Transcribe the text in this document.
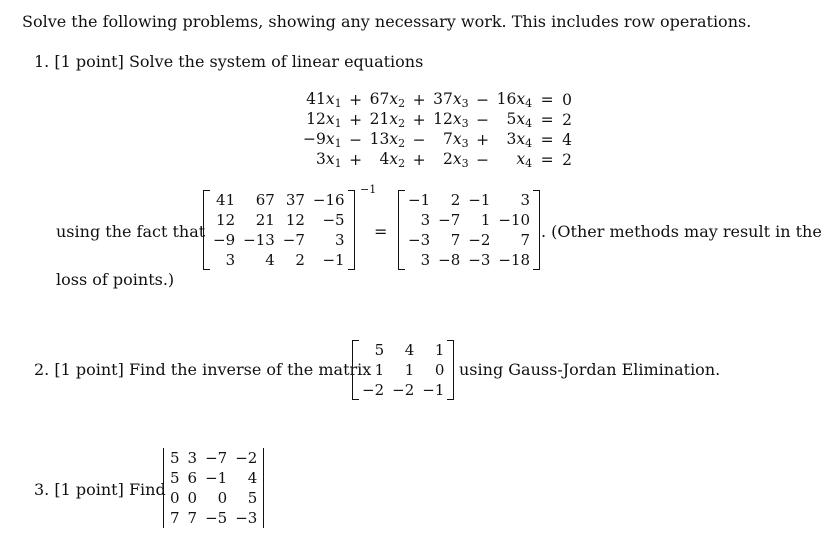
Solve the following problems, showing any necessary work. This includes row operations.
1. [1 point] Solve the system of linear equations
$41x_1$	+	$67x_2$	+	$37x_3$	−	$16x_4$	=	0
$12x_1$	+	$21x_2$	+	$12x_3$	−	$5x_4$	=	2
$-9x_1$	−	$13x_2$	−	$7x_3$	+	$3x_4$	=	4
$3x_1$	+	$4x_2$	+	$2x_3$	−	$x_4$	=	2
using the fact that
41	67	37	−16
12	21	12	−5
−9	−13	−7	3
3	4	2	−1
−1
=
−1	2	−1	3
3	−7	1	−10
−3	7	−2	7
3	−8	−3	−18
. (Other methods may result in the
loss of points.)
2. [1 point] Find the inverse of the matrix
5	4	1
1	1	0
−2	−2	−1
using Gauss-Jordan Elimination.
3. [1 point] Find
5	3	−7	−2
5	6	−1	4
0	0	0	5
7	7	−5	−3
